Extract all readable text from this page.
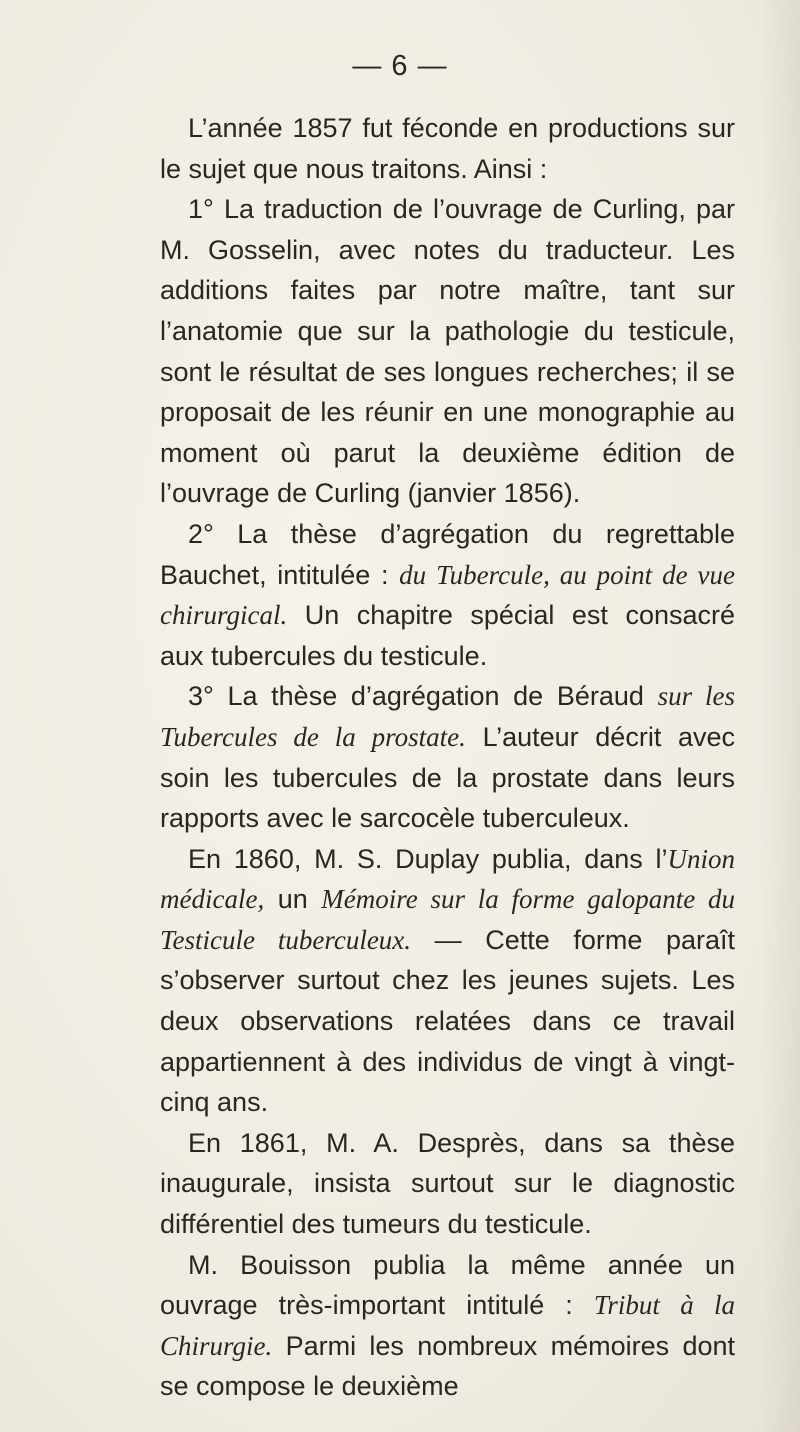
— 6 —

L’année 1857 fut féconde en productions sur le sujet que nous traitons. Ainsi :

1° La traduction de l’ouvrage de Curling, par M. Gosselin, avec notes du traducteur. Les additions faites par notre maître, tant sur l’anatomie que sur la pathologie du testicule, sont le résultat de ses longues recherches; il se proposait de les réunir en une monographie au moment où parut la deuxième édition de l’ouvrage de Curling (janvier 1856).

2° La thèse d’agrégation du regrettable Bauchet, intitulée : du Tubercule, au point de vue chirurgical. Un chapitre spécial est consacré aux tubercules du testicule.

3° La thèse d’agrégation de Béraud sur les Tubercules de la prostate. L’auteur décrit avec soin les tubercules de la prostate dans leurs rapports avec le sarcocèle tuberculeux.

En 1860, M. S. Duplay publia, dans l’Union médicale, un Mémoire sur la forme galopante du Testicule tuberculeux. — Cette forme paraît s’observer surtout chez les jeunes sujets. Les deux observations relatées dans ce travail appartiennent à des individus de vingt à vingt-cinq ans.

En 1861, M. A. Desprès, dans sa thèse inaugurale, insista surtout sur le diagnostic différentiel des tumeurs du testicule.

M. Bouisson publia la même année un ouvrage très-important intitulé : Tribut à la Chirurgie. Parmi les nombreux mémoires dont se compose le deuxième
